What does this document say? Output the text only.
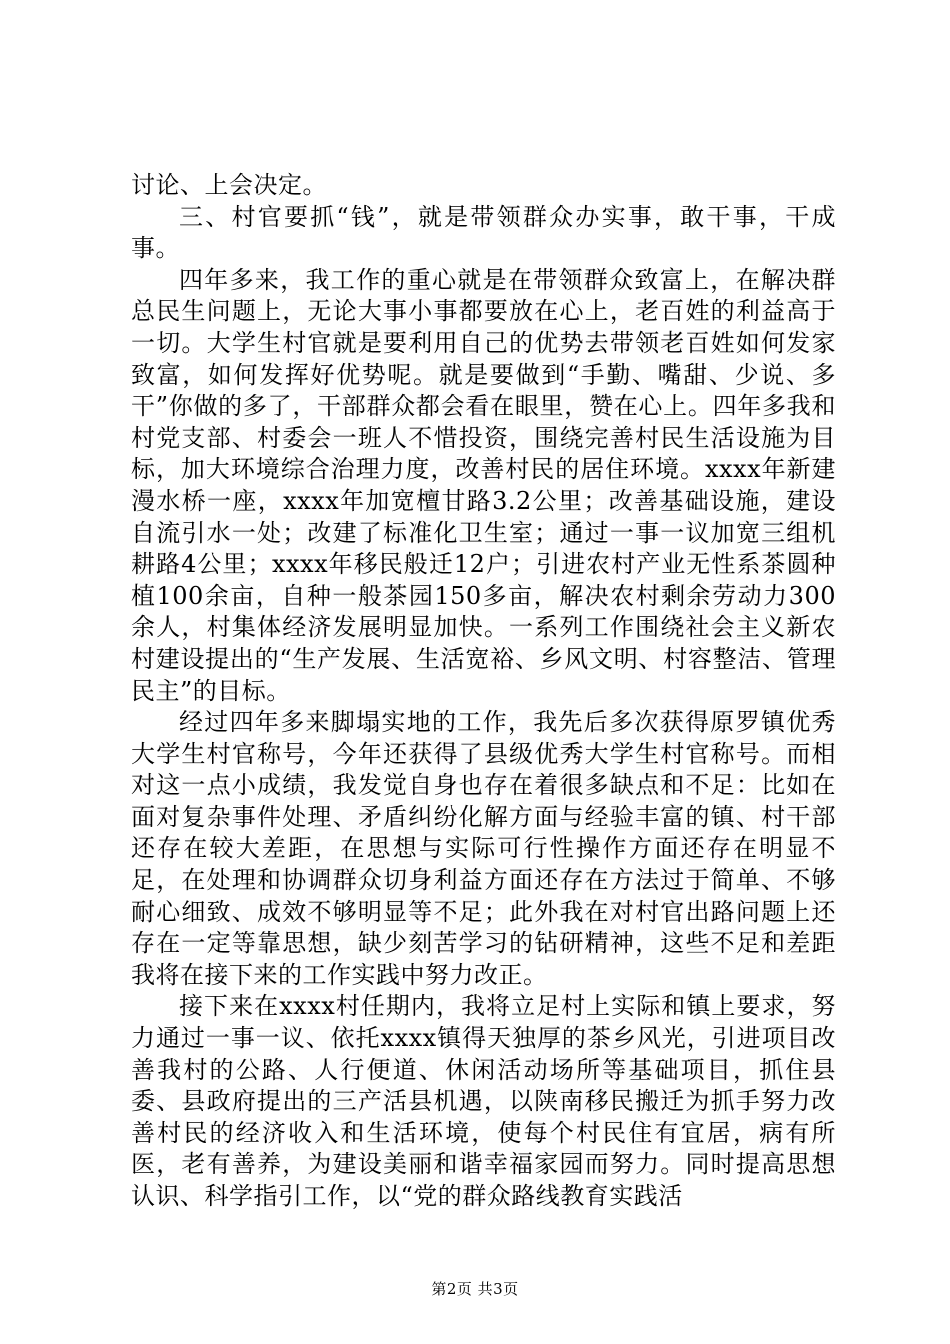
讨论、上会决定。

三、村官要抓“钱”，就是带领群众办实事，敢干事，干成事。

四年多来，我工作的重心就是在带领群众致富上，在解决群总民生问题上，无论大事小事都要放在心上，老百姓的利益高于一切。大学生村官就是要利用自己的优势去带领老百姓如何发家致富，如何发挥好优势呢。就是要做到“手勤、嘴甜、少说、多干”你做的多了，干部群众都会看在眼里，赞在心上。四年多我和村党支部、村委会一班人不惜投资，围绕完善村民生活设施为目标，加大环境综合治理力度，改善村民的居住环境。xxxx年新建漫水桥一座，xxxx年加宽檀甘路3.2公里；改善基础设施，建设自流引水一处；改建了标准化卫生室；通过一事一议加宽三组机耕路4公里；xxxx年移民般迁12户；引进农村产业无性系茶圆种植100余亩，自种一般茶园150多亩，解决农村剩余劳动力300余人，村集体经济发展明显加快。一系列工作围绕社会主义新农村建设提出的“生产发展、生活宽裕、乡风文明、村容整洁、管理民主”的目标。

经过四年多来脚塌实地的工作，我先后多次获得原罗镇优秀大学生村官称号，今年还获得了县级优秀大学生村官称号。而相对这一点小成绩，我发觉自身也存在着很多缺点和不足：比如在面对复杂事件处理、矛盾纠纷化解方面与经验丰富的镇、村干部还存在较大差距，在思想与实际可行性操作方面还存在明显不足，在处理和协调群众切身利益方面还存在方法过于简单、不够耐心细致、成效不够明显等不足；此外我在对村官出路问题上还存在一定等靠思想，缺少刻苦学习的钻研精神，这些不足和差距我将在接下来的工作实践中努力改正。

接下来在xxxx村任期内，我将立足村上实际和镇上要求，努力通过一事一议、依托xxxx镇得天独厚的茶乡风光，引进项目改善我村的公路、人行便道、休闲活动场所等基础项目，抓住县委、县政府提出的三产活县机遇，以陕南移民搬迁为抓手努力改善村民的经济收入和生活环境，使每个村民住有宜居，病有所医，老有善养，为建设美丽和谐幸福家园而努力。同时提高思想认识、科学指引工作，以“党的群众路线教育实践活

第2页 共3页
